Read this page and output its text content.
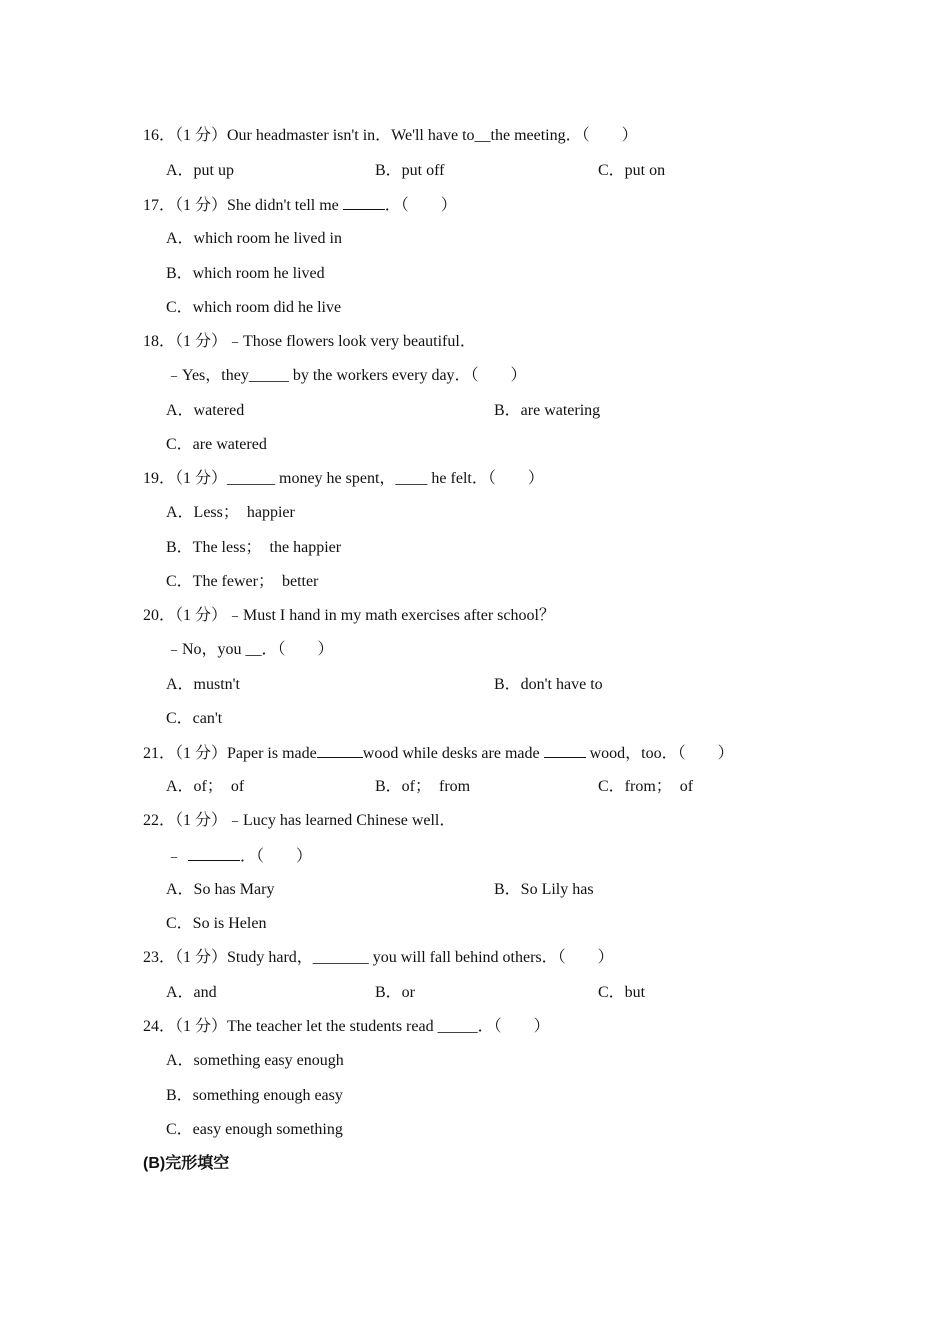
16．（1 分）Our headmaster isn't in．We'll have to__the meeting．（　　）
A．put up	B．put off	C．put on
17．（1 分）She didn't tell me	．（　　）
A．which room he lived in
B．which room he lived
C．which room did he live
18．（1 分）﹣Those flowers look very beautiful．
﹣Yes，they_____ by the workers every day．（　　）
A．watered	B．are watering
C．are watered
19．（1 分）______ money he spent，____ he felt．（　　）
A．Less；  happier
B．The less；  the happier
C．The fewer；  better
20．（1 分）﹣Must I hand in my math exercises after school？
﹣No，you __．（　　）
A．mustn't	B．don't have to
C．can't
21．（1 分）Paper is made	wood while desks are made	wood，too．（　　）
A．of；  of	B．of；  from	C．from；  of
22．（1 分）﹣Lucy has learned Chinese well．
﹣	．（　　）
A．So has Mary	B．So Lily has
C．So is Helen
23．（1 分）Study hard，_______ you will fall behind others．（　　）
A．and	B．or	C．but
24．（1 分）The teacher let the students read _____．（　　）
A．something easy enough
B．something enough easy
C．easy enough something
(B)完形填空
